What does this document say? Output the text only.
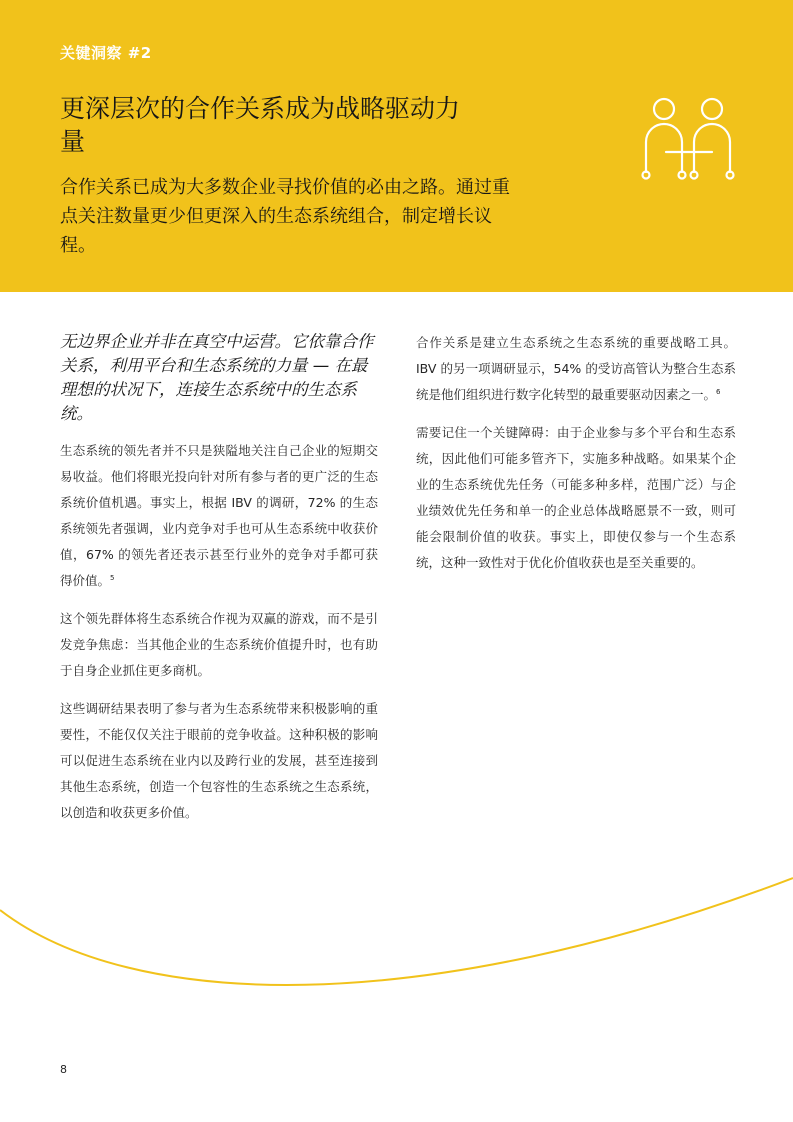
关键洞察 #2
更深层次的合作关系成为战略驱动力量

合作关系已成为大多数企业寻找价值的必由之路。通过重点关注数量更少但更深入的生态系统组合，制定增长议程。

无边界企业并非在真空中运营。它依靠合作关系，利用平台和生态系统的力量 — 在最理想的状况下，连接生态系统中的生态系统。

生态系统的领先者并不只是狭隘地关注自己企业的短期交易收益。他们将眼光投向针对所有参与者的更广泛的生态系统价值机遇。事实上，根据 IBV 的调研，72% 的生态系统领先者强调，业内竞争对手也可从生态系统中收获价值，67% 的领先者还表示甚至行业外的竞争对手都可获得价值。$^5$

这个领先群体将生态系统合作视为双赢的游戏，而不是引发竞争焦虑：当其他企业的生态系统价值提升时，也有助于自身企业抓住更多商机。

这些调研结果表明了参与者为生态系统带来积极影响的重要性，不能仅仅关注于眼前的竞争收益。这种积极的影响可以促进生态系统在业内以及跨行业的发展，甚至连接到其他生态系统，创造一个包容性的生态系统之生态系统，以创造和收获更多价值。

合作关系是建立生态系统之生态系统的重要战略工具。IBV 的另一项调研显示，54% 的受访高管认为整合生态系统是他们组织进行数字化转型的最重要驱动因素之一。$^6$

需要记住一个关键障碍：由于企业参与多个平台和生态系统，因此他们可能多管齐下，实施多种战略。如果某个企业的生态系统优先任务（可能多种多样，范围广泛）与企业绩效优先任务和单一的企业总体战略愿景不一致，则可能会限制价值的收获。事实上，即使仅参与一个生态系统，这种一致性对于优化价值收获也是至关重要的。

8
